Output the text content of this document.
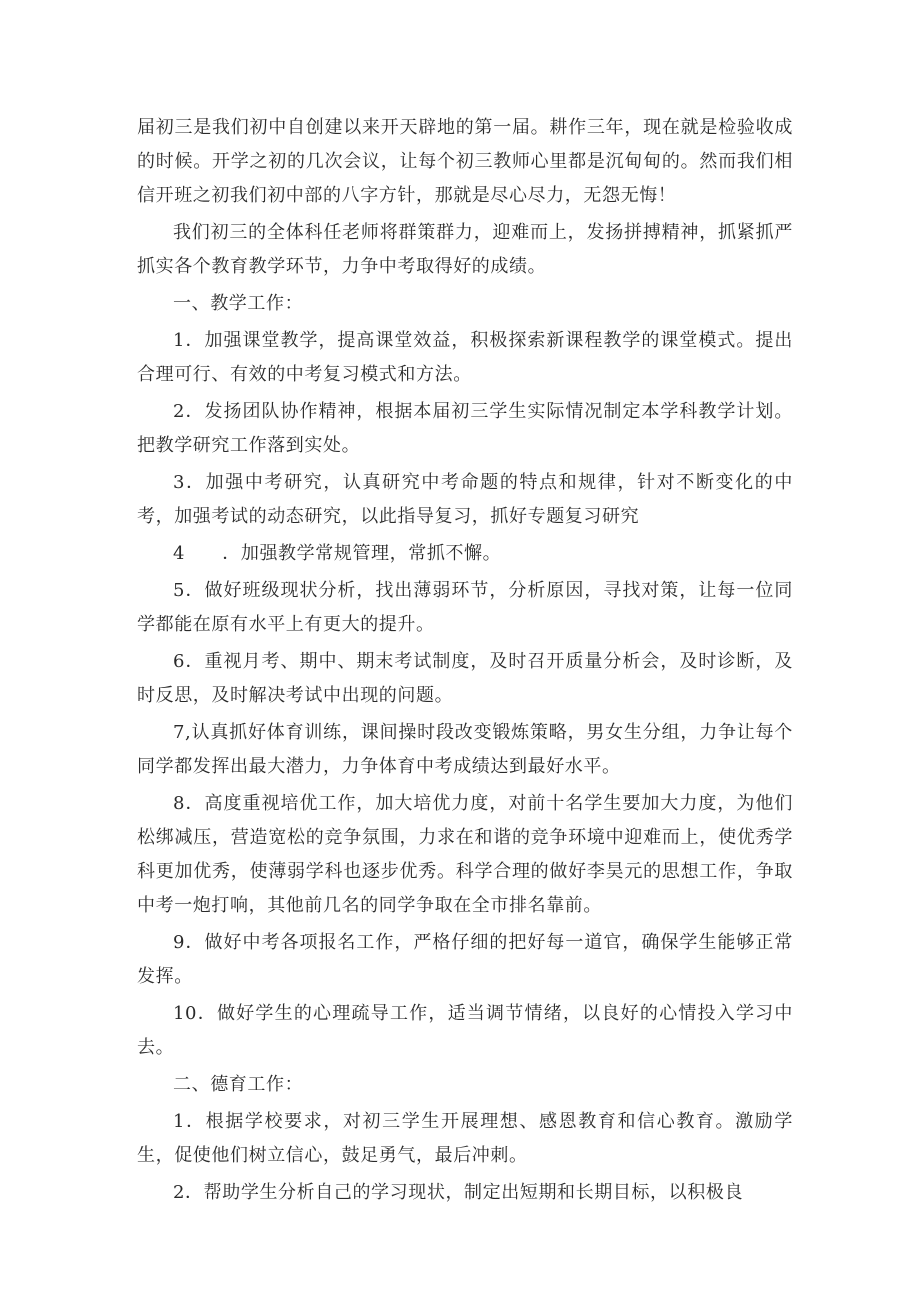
届初三是我们初中自创建以来开天辟地的第一届。耕作三年，现在就是检验收成的时候。开学之初的几次会议，让每个初三教师心里都是沉甸甸的。然而我们相信开班之初我们初中部的八字方针，那就是尽心尽力，无怨无悔！

我们初三的全体科任老师将群策群力，迎难而上，发扬拼搏精神，抓紧抓严抓实各个教育教学环节，力争中考取得好的成绩。

一、教学工作：

1．加强课堂教学，提高课堂效益，积极探索新课程教学的课堂模式。提出合理可行、有效的中考复习模式和方法。

2．发扬团队协作精神，根据本届初三学生实际情况制定本学科教学计划。把教学研究工作落到实处。

3．加强中考研究，认真研究中考命题的特点和规律，针对不断变化的中考，加强考试的动态研究，以此指导复习，抓好专题复习研究

4　　．加强教学常规管理，常抓不懈。

5．做好班级现状分析，找出薄弱环节，分析原因，寻找对策，让每一位同学都能在原有水平上有更大的提升。

6．重视月考、期中、期末考试制度，及时召开质量分析会，及时诊断，及时反思，及时解决考试中出现的问题。

7,认真抓好体育训练，课间操时段改变锻炼策略，男女生分组，力争让每个同学都发挥出最大潜力，力争体育中考成绩达到最好水平。

8．高度重视培优工作，加大培优力度，对前十名学生要加大力度，为他们松绑减压，营造宽松的竞争氛围，力求在和谐的竞争环境中迎难而上，使优秀学科更加优秀，使薄弱学科也逐步优秀。科学合理的做好李昊元的思想工作，争取中考一炮打响，其他前几名的同学争取在全市排名靠前。

9．做好中考各项报名工作，严格仔细的把好每一道官，确保学生能够正常发挥。

10．做好学生的心理疏导工作，适当调节情绪，以良好的心情投入学习中去。

二、德育工作：

1．根据学校要求，对初三学生开展理想、感恩教育和信心教育。激励学生，促使他们树立信心，鼓足勇气，最后冲刺。

2．帮助学生分析自己的学习现状，制定出短期和长期目标，以积极良
